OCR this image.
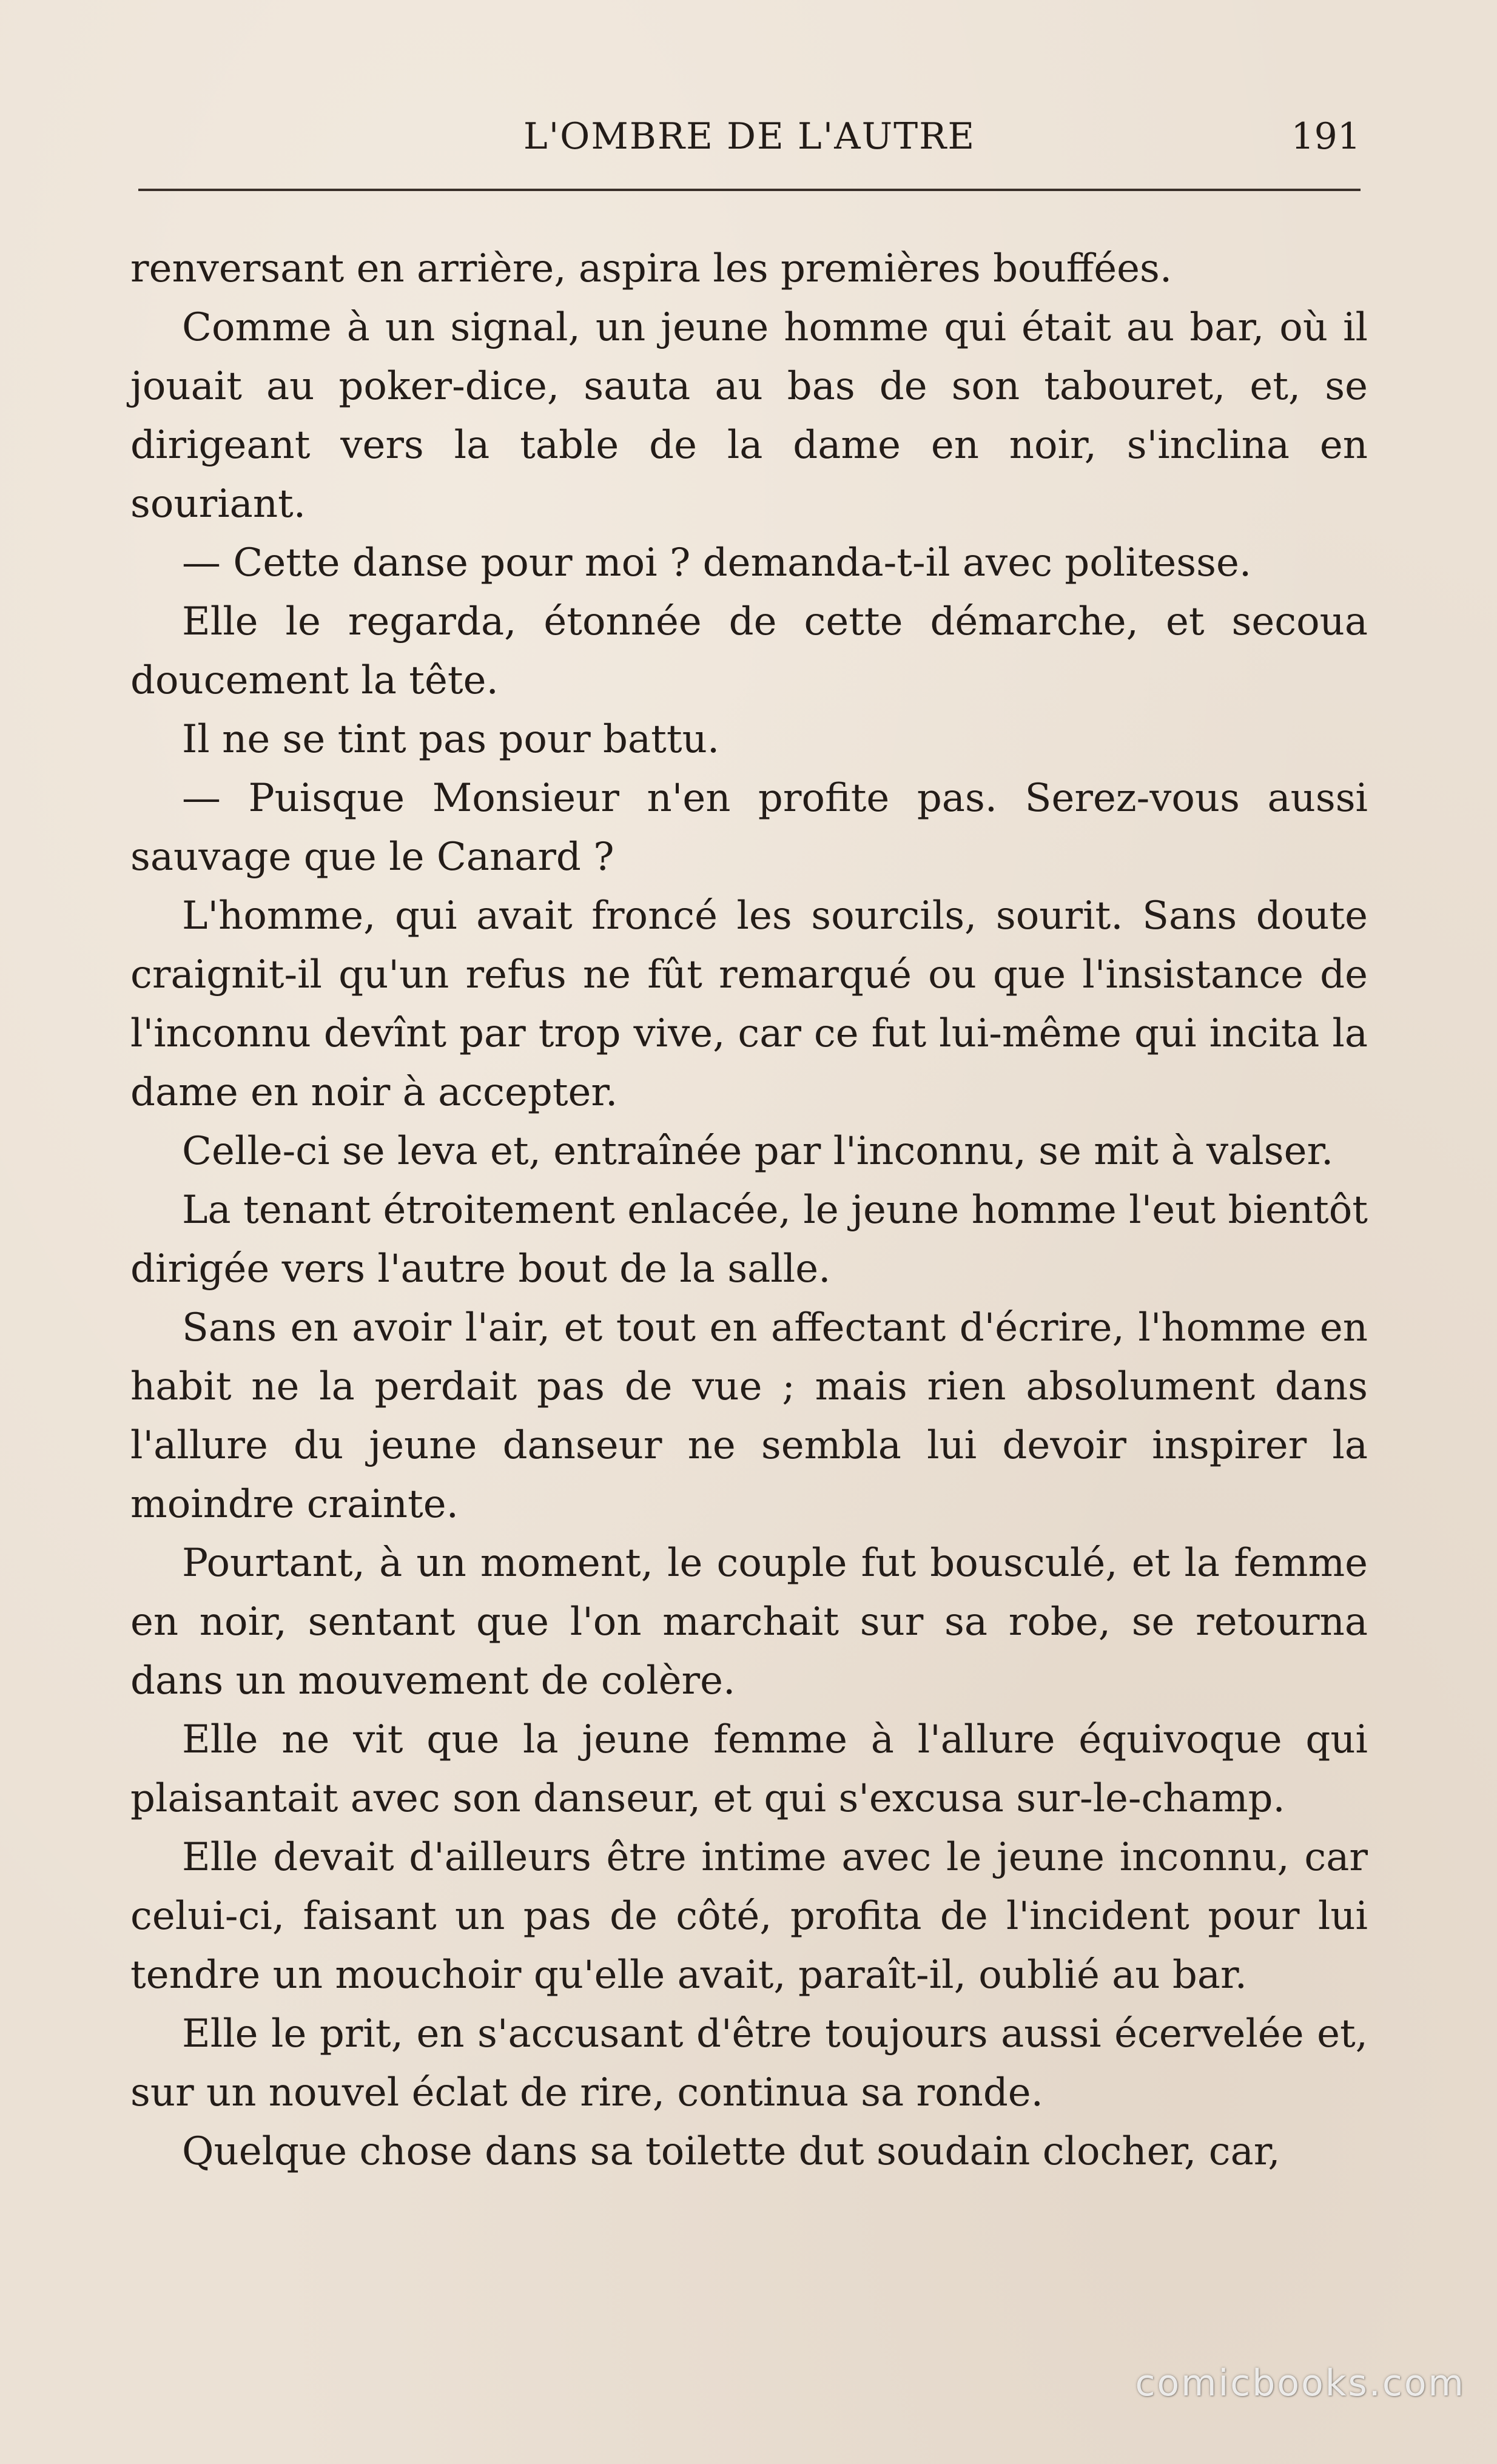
L'OMBRE DE L'AUTRE	191

renversant en arrière, aspira les premières bouffées.

Comme à un signal, un jeune homme qui était au bar, où il jouait au poker-dice, sauta au bas de son tabouret, et, se dirigeant vers la table de la dame en noir, s'inclina en souriant.

— Cette danse pour moi ? demanda-t-il avec politesse.

Elle le regarda, étonnée de cette démarche, et secoua doucement la tête.

Il ne se tint pas pour battu.

— Puisque Monsieur n'en profite pas. Serez-vous aussi sauvage que le Canard ?

L'homme, qui avait froncé les sourcils, sourit. Sans doute craignit-il qu'un refus ne fût remarqué ou que l'insistance de l'inconnu devînt par trop vive, car ce fut lui-même qui incita la dame en noir à accepter.

Celle-ci se leva et, entraînée par l'inconnu, se mit à valser.

La tenant étroitement enlacée, le jeune homme l'eut bientôt dirigée vers l'autre bout de la salle.

Sans en avoir l'air, et tout en affectant d'écrire, l'homme en habit ne la perdait pas de vue ; mais rien absolument dans l'allure du jeune danseur ne sembla lui devoir inspirer la moindre crainte.

Pourtant, à un moment, le couple fut bousculé, et la femme en noir, sentant que l'on marchait sur sa robe, se retourna dans un mouvement de colère.

Elle ne vit que la jeune femme à l'allure équivoque qui plaisantait avec son danseur, et qui s'excusa sur-le-champ.

Elle devait d'ailleurs être intime avec le jeune inconnu, car celui-ci, faisant un pas de côté, profita de l'incident pour lui tendre un mouchoir qu'elle avait, paraît-il, oublié au bar.

Elle le prit, en s'accusant d'être toujours aussi écervelée et, sur un nouvel éclat de rire, continua sa ronde.

Quelque chose dans sa toilette dut soudain clocher, car,

comicbooks.com
